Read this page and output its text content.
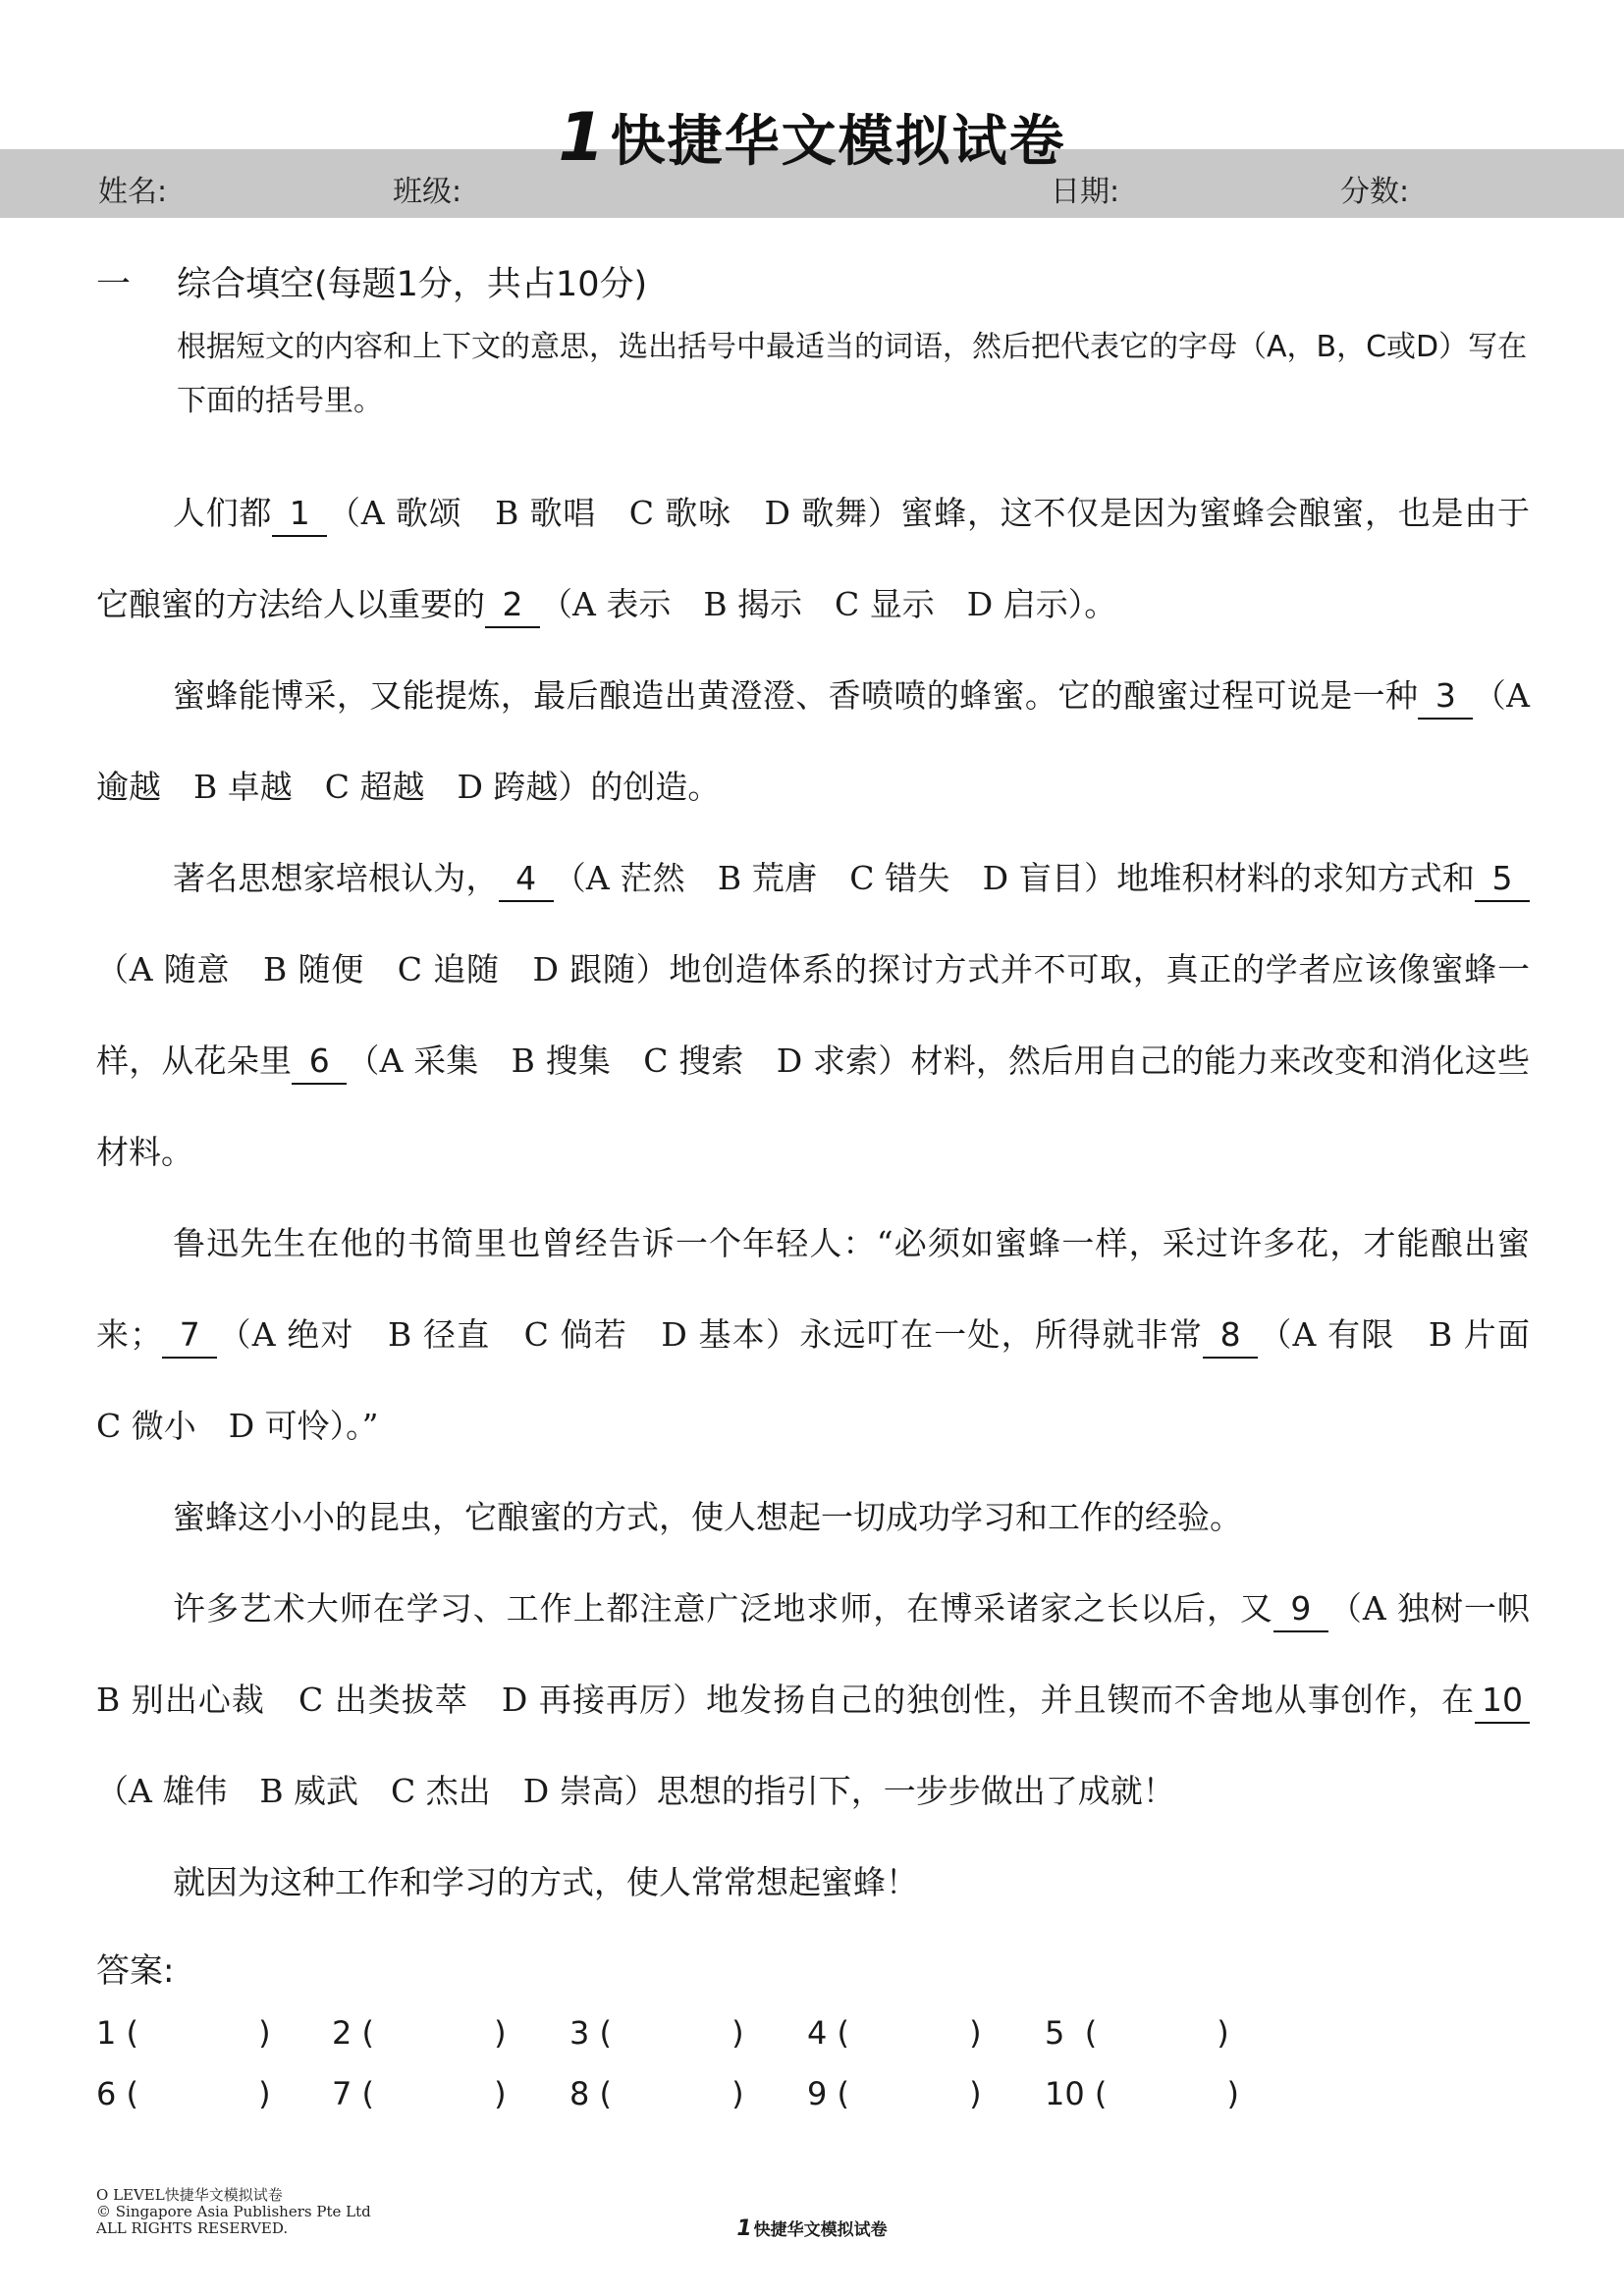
姓名:	班级:	日期:	分数:
1快捷华文模拟试卷
一 综合填空(每题1分，共占10分)
根据短文的内容和上下文的意思，选出括号中最适当的词语，然后把代表它的字母（A，B，C或D）写在下面的括号里。

人们都 1 （A 歌颂　B 歌唱　C 歌咏　D 歌舞）蜜蜂，这不仅是因为蜜蜂会酿蜜，也是由于它酿蜜的方法给人以重要的 2 （A 表示　B 揭示　C 显示　D 启示）。

蜜蜂能博采，又能提炼，最后酿造出黄澄澄、香喷喷的蜂蜜。它的酿蜜过程可说是一种 3 （A 逾越　B 卓越　C 超越　D 跨越）的创造。

著名思想家培根认为， 4 （A 茫然　B 荒唐　C 错失　D 盲目）地堆积材料的求知方式和 5（A 随意　B 随便　C 追随　D 跟随）地创造体系的探讨方式并不可取，真正的学者应该像蜜蜂一样，从花朵里 6 （A 采集　B 搜集　C 搜索　D 求索）材料，然后用自己的能力来改变和消化这些材料。

鲁迅先生在他的书简里也曾经告诉一个年轻人：“必须如蜜蜂一样，采过许多花，才能酿出蜜来； 7 （A 绝对　B 径直　C 倘若　D 基本）永远叮在一处，所得就非常 8 （A 有限　B 片面　C 微小　D 可怜）。”

蜜蜂这小小的昆虫，它酿蜜的方式，使人想起一切成功学习和工作的经验。

许多艺术大师在学习、工作上都注意广泛地求师，在博采诸家之长以后，又 9 （A 独树一帜　B 别出心裁　C 出类拔萃　D 再接再厉）地发扬自己的独创性，并且锲而不舍地从事创作，在 10（A 雄伟　B 威武　C 杰出　D 崇高）思想的指引下，一步步做出了成就！

就因为这种工作和学习的方式，使人常常想起蜜蜂！

答案:
1 (            ) 2 (            ) 3 (            ) 4 (            ) 5  (            )
6 (            ) 7 (            ) 8 (            ) 9 (            ) 10 (            )
O LEVEL快捷华文模拟试卷
© Singapore Asia Publishers Pte Ltd
ALL RIGHTS RESERVED.	1 快捷华文模拟试卷
